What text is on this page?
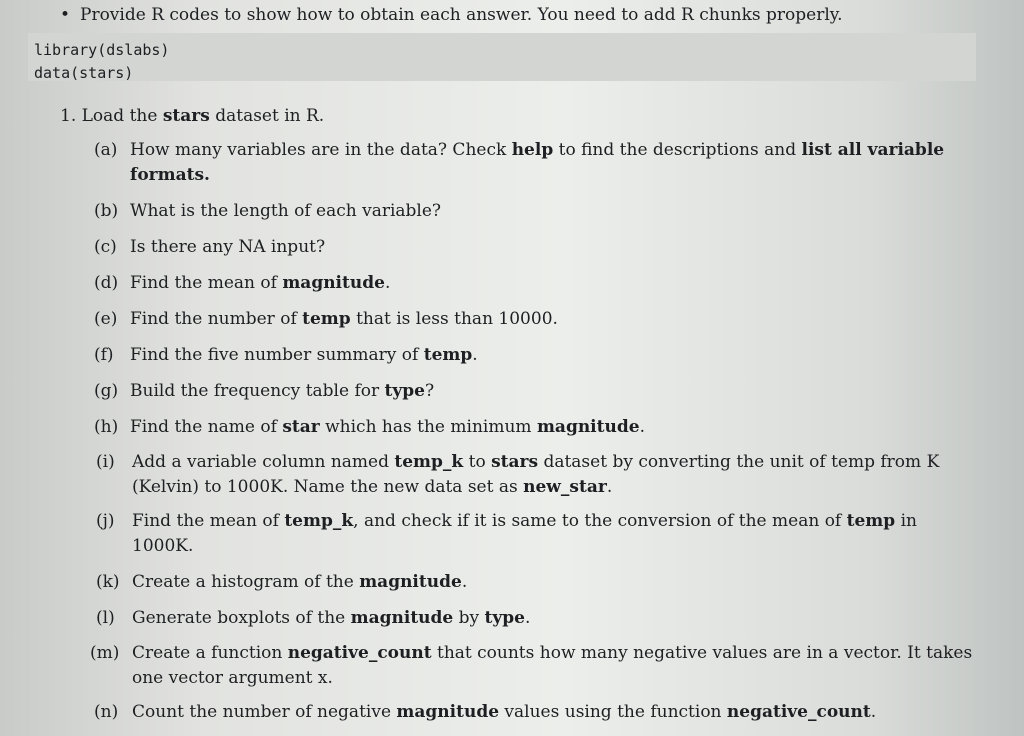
• Provide R codes to show how to obtain each answer. You need to add R chunks properly.
library(dslabs)
data(stars)
1. Load the stars dataset in R.
(a) How many variables are in the data? Check help to find the descriptions and list all variable formats.
(b) What is the length of each variable?
(c) Is there any NA input?
(d) Find the mean of magnitude.
(e) Find the number of temp that is less than 10000.
(f) Find the five number summary of temp.
(g) Build the frequency table for type?
(h) Find the name of star which has the minimum magnitude.
(i)	Add a variable column named temp_k to stars dataset by converting the unit of temp from K (Kelvin) to 1000K. Name the new data set as new_star.
(j)	Find the mean of temp_k, and check if it is same to the conversion of the mean of temp in 1000K.
(k) Create a histogram of the magnitude.
(l)	Generate boxplots of the magnitude by type.
(m) Create a function negative_count that counts how many negative values are in a vector. It takes one vector argument x.
(n) Count the number of negative magnitude values using the function negative_count.
